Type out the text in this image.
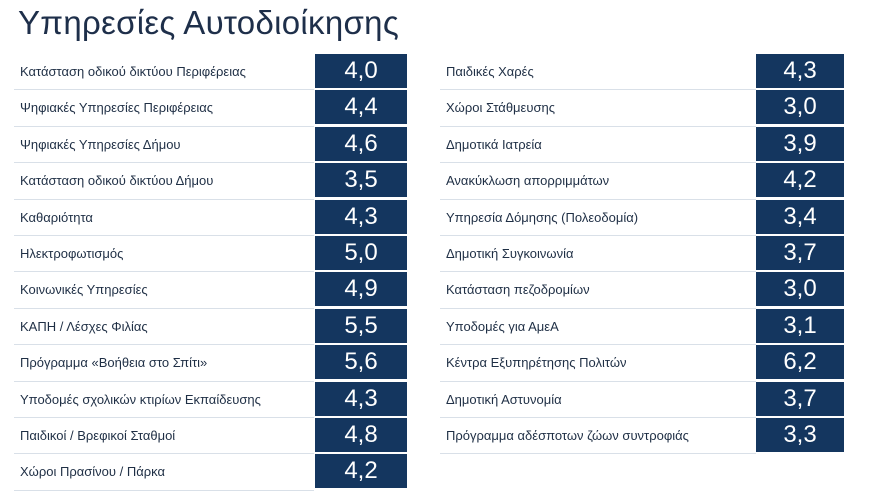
Υπηρεσίες Αυτοδιοίκησης
Κατάσταση οδικού δικτύου Περιφέρειας	4,0
Ψηφιακές Υπηρεσίες Περιφέρειας	4,4
Ψηφιακές Υπηρεσίες Δήμου	4,6
Κατάσταση οδικού δικτύου Δήμου	3,5
Καθαριότητα	4,3
Ηλεκτροφωτισμός	5,0
Κοινωνικές Υπηρεσίες	4,9
ΚΑΠΗ / Λέσχες Φιλίας	5,5
Πρόγραμμα «Βοήθεια στο Σπίτι»	5,6
Υποδομές σχολικών κτιρίων Εκπαίδευσης	4,3
Παιδικοί / Βρεφικοί Σταθμοί	4,8
Χώροι Πρασίνου / Πάρκα	4,2
Παιδικές Χαρές	4,3
Χώροι Στάθμευσης	3,0
Δημοτικά Ιατρεία	3,9
Ανακύκλωση απορριμμάτων	4,2
Υπηρεσία Δόμησης (Πολεοδομία)	3,4
Δημοτική Συγκοινωνία	3,7
Κατάσταση πεζοδρομίων	3,0
Υποδομές για ΑμεΑ	3,1
Κέντρα Εξυπηρέτησης Πολιτών	6,2
Δημοτική Αστυνομία	3,7
Πρόγραμμα αδέσποτων ζώων συντροφιάς	3,3
